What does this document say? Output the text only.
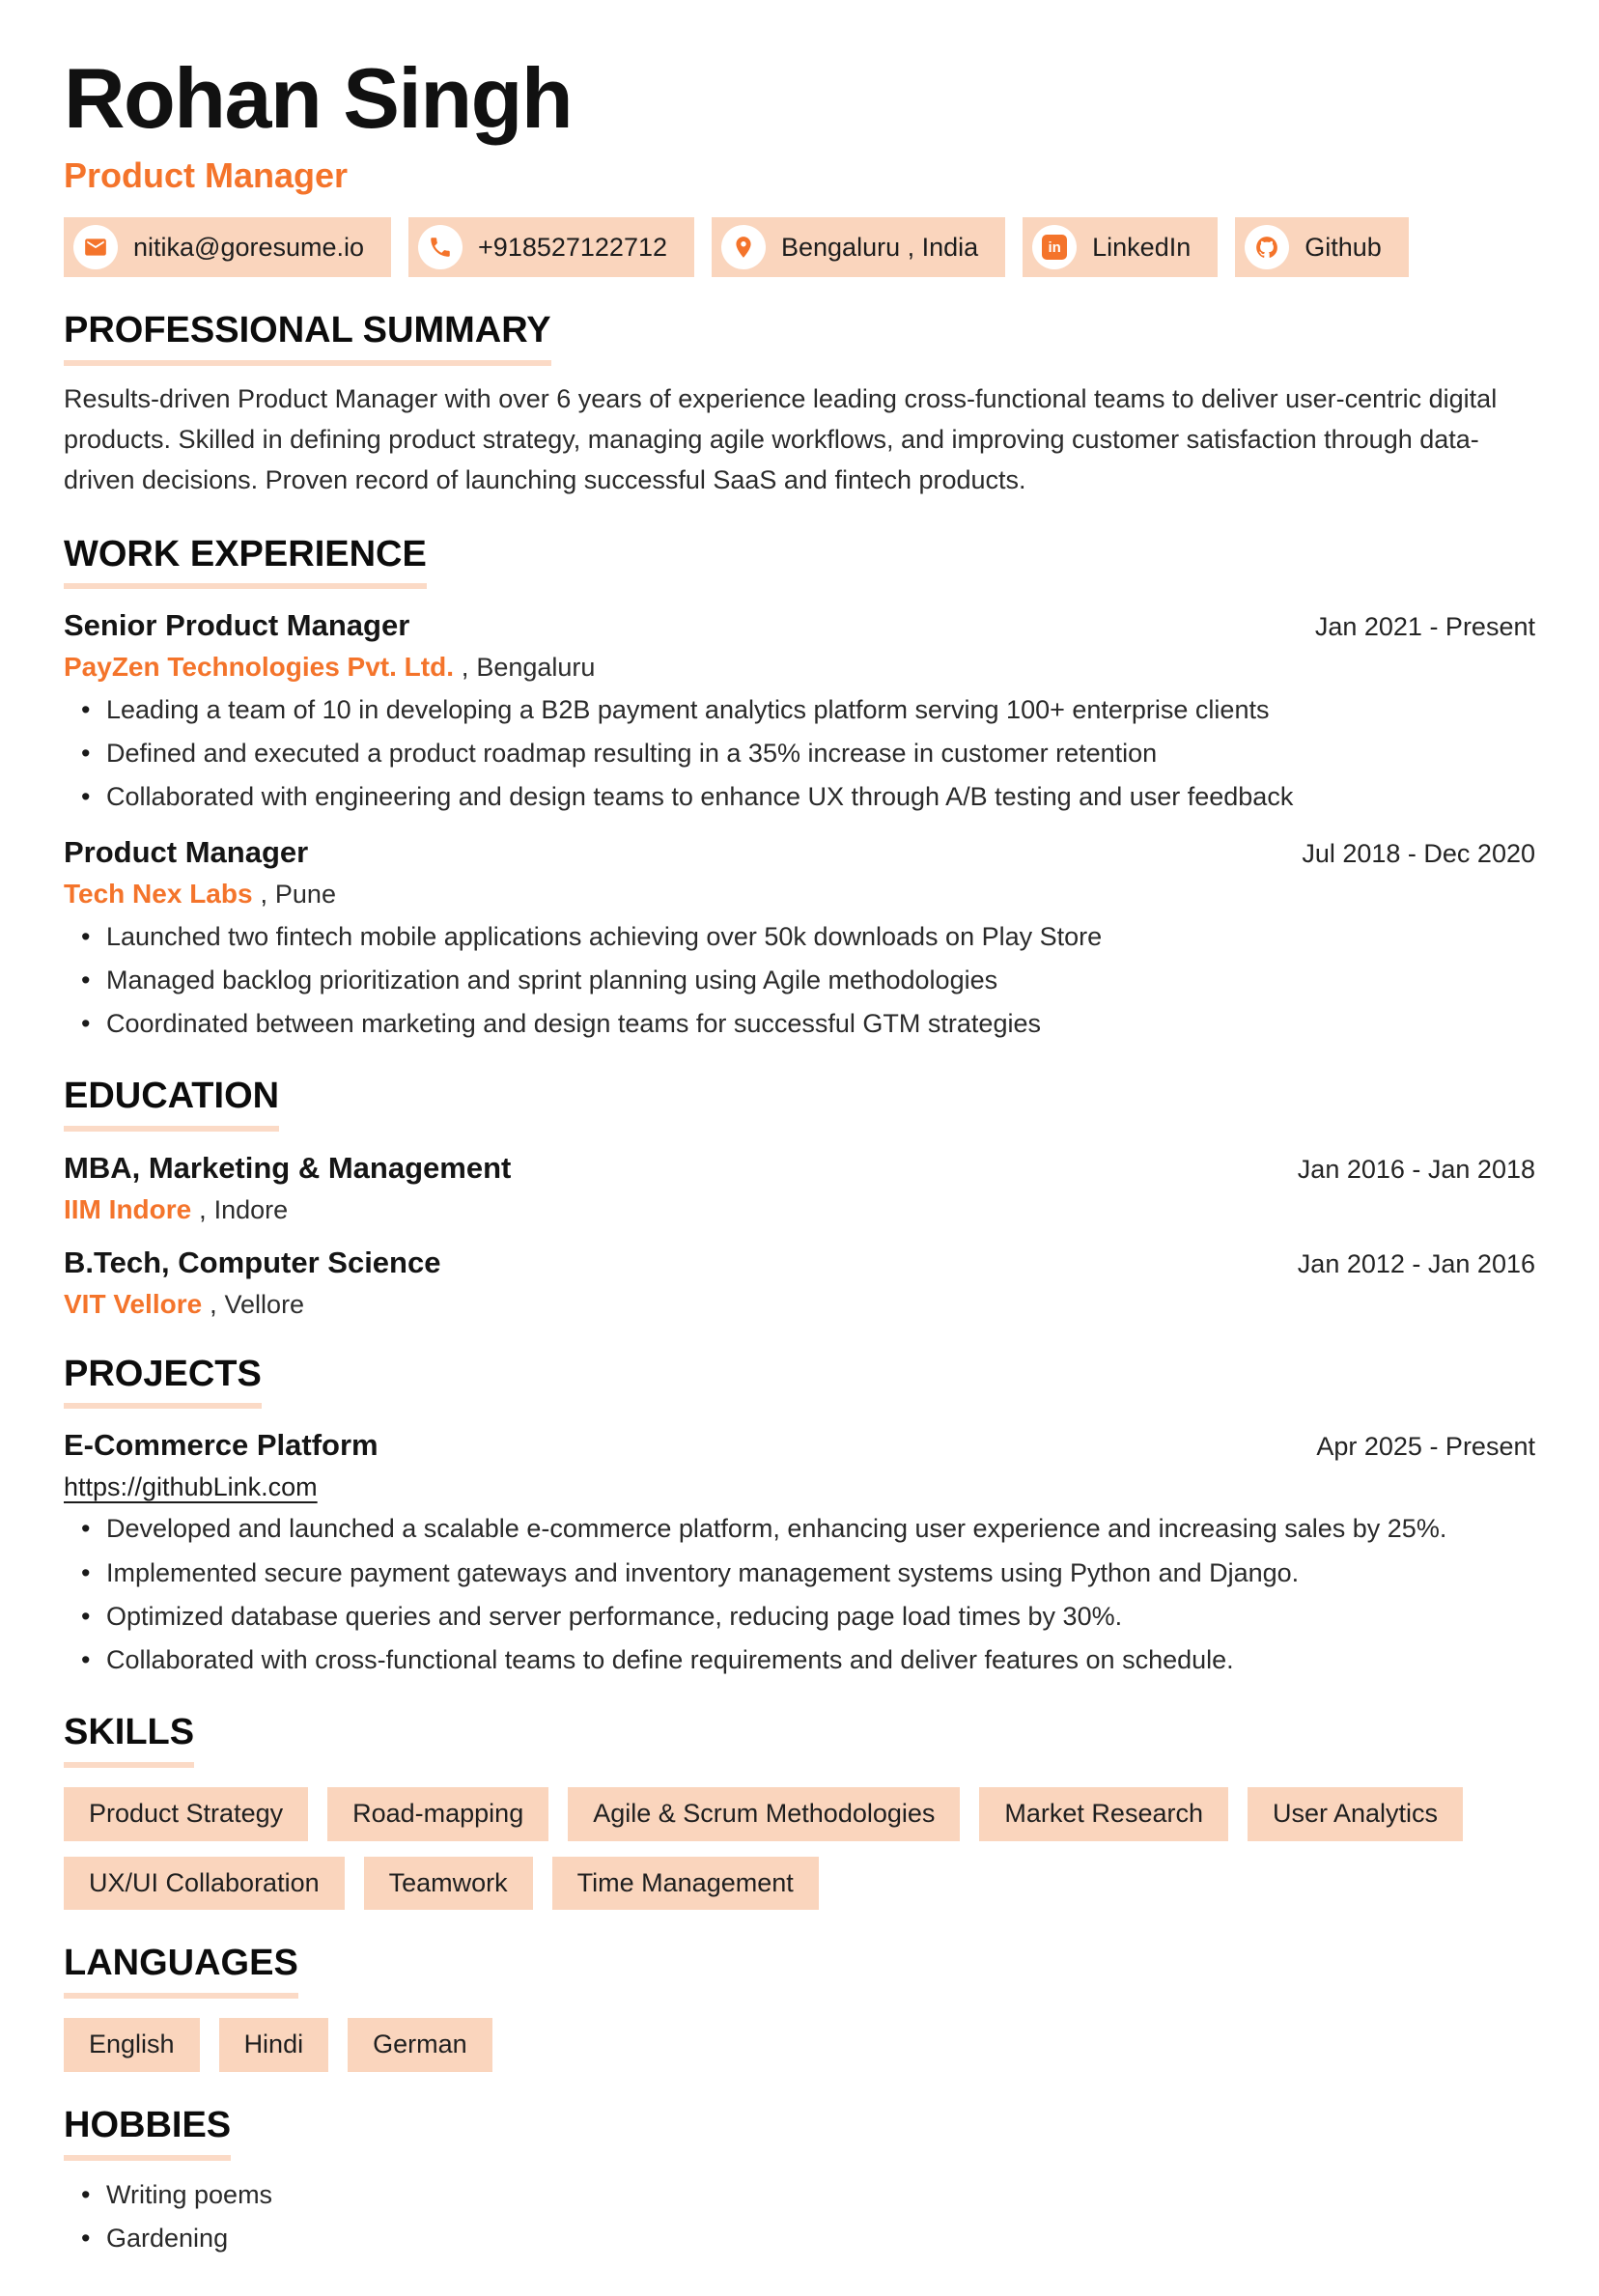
Rohan Singh
Product Manager
nitika@goresume.io	+918527122712	Bengaluru , India	in LinkedIn	Github
PROFESSIONAL SUMMARY
Results-driven Product Manager with over 6 years of experience leading cross-functional teams to deliver user-centric digital products. Skilled in defining product strategy, managing agile workflows, and improving customer satisfaction through data-driven decisions. Proven record of launching successful SaaS and fintech products.
WORK EXPERIENCE
Senior Product Manager	Jan 2021 - Present
PayZen Technologies Pvt. Ltd. , Bengaluru
• Leading a team of 10 in developing a B2B payment analytics platform serving 100+ enterprise clients
• Defined and executed a product roadmap resulting in a 35% increase in customer retention
• Collaborated with engineering and design teams to enhance UX through A/B testing and user feedback
Product Manager	Jul 2018 - Dec 2020
Tech Nex Labs , Pune
• Launched two fintech mobile applications achieving over 50k downloads on Play Store
• Managed backlog prioritization and sprint planning using Agile methodologies
• Coordinated between marketing and design teams for successful GTM strategies
EDUCATION
MBA, Marketing & Management	Jan 2016 - Jan 2018
IIM Indore , Indore
B.Tech, Computer Science	Jan 2012 - Jan 2016
VIT Vellore , Vellore
PROJECTS
E-Commerce Platform	Apr 2025 - Present
https://githubLink.com
• Developed and launched a scalable e-commerce platform, enhancing user experience and increasing sales by 25%.
• Implemented secure payment gateways and inventory management systems using Python and Django.
• Optimized database queries and server performance, reducing page load times by 30%.
• Collaborated with cross-functional teams to define requirements and deliver features on schedule.
SKILLS
Product Strategy	Road-mapping	Agile & Scrum Methodologies	Market Research	User Analytics
UX/UI Collaboration	Teamwork	Time Management
LANGUAGES
English	Hindi	German
HOBBIES
• Writing poems
• Gardening
